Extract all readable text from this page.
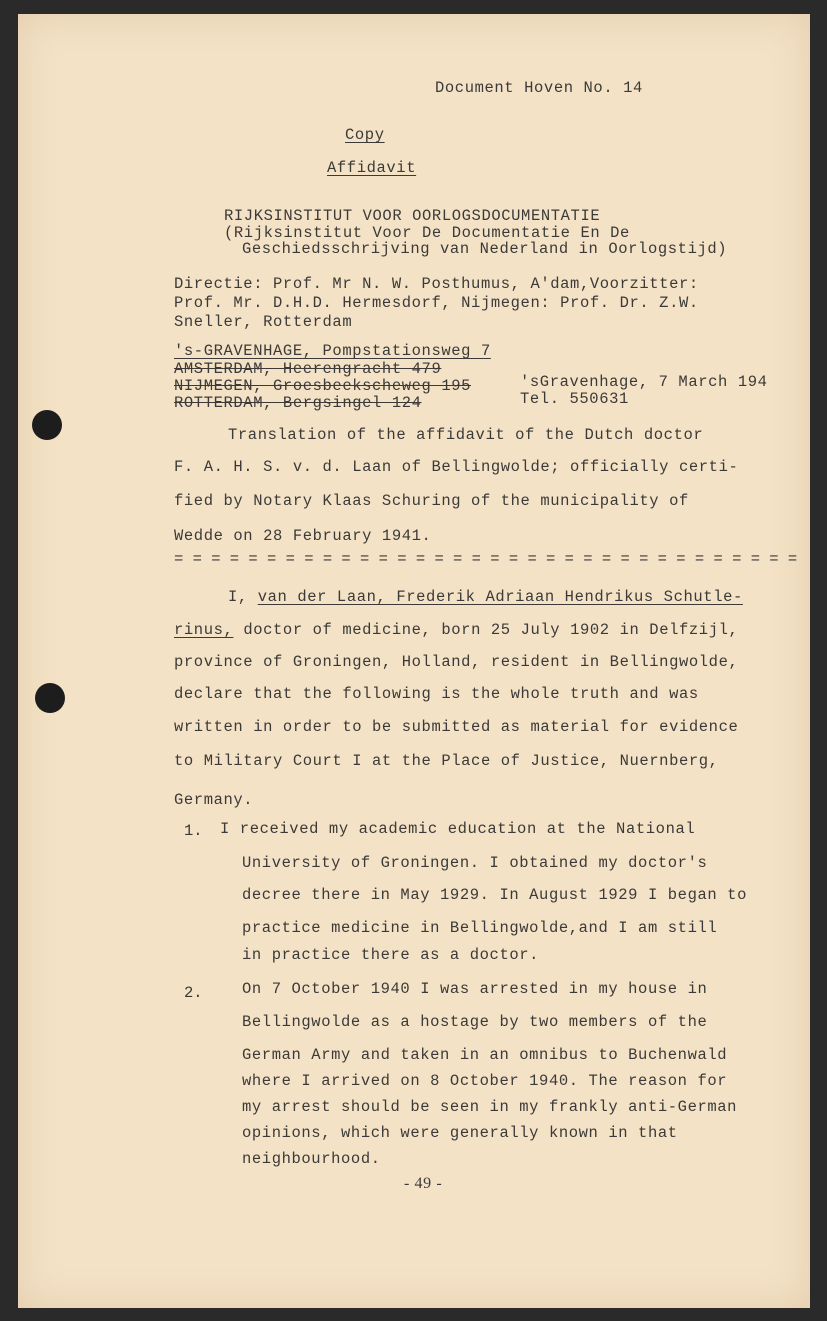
Document Hoven No. 14
Copy
Affidavit
RIJKSINSTITUT VOOR OORLOGSDOCUMENTATIE
(Rijksinstitut Voor De Documentatie En De
Geschiedsschrijving van Nederland in Oorlogstijd)
Directie: Prof. Mr N. W. Posthumus, A'dam,Voorzitter:
Prof. Mr. D.H.D. Hermesdorf, Nijmegen: Prof. Dr. Z.W.
Sneller, Rotterdam
's-GRAVENHAGE, Pompstationsweg 7
AMSTERDAM, Heerengracht 479
NIJMEGEN, Groesbeekscheweg 195
ROTTERDAM, Bergsingel 124
'sGravenhage, 7 March 194
Tel. 550631
Translation of the affidavit of the Dutch doctor
F. A. H. S. v. d. Laan of Bellingwolde; officially certi-
fied by Notary Klaas Schuring of the municipality of
Wedde on 28 February 1941.
= = = = = = = = = = = = = = = = = = = = = = = = = = = = = = = = = =
I, van der Laan, Frederik Adriaan Hendrikus Schutle-
rinus, doctor of medicine, born 25 July 1902 in Delfzijl,
province of Groningen, Holland, resident in Bellingwolde,
declare that the following is the whole truth and was
written in order to be submitted as material for evidence
to Military Court I at the Place of Justice, Nuernberg,
Germany.
1. I received my academic education at the National
University of Groningen. I obtained my doctor's
decree there in May 1929. In August 1929 I began to
practice medicine in Bellingwolde,and I am still
in practice there as a doctor.
2.	On 7 October 1940 I was arrested in my house in
Bellingwolde as a hostage by two members of the
German Army and taken in an omnibus to Buchenwald
where I arrived on 8 October 1940. The reason for
my arrest should be seen in my frankly anti-German
opinions, which were generally known in that
neighbourhood.
- 49 -
